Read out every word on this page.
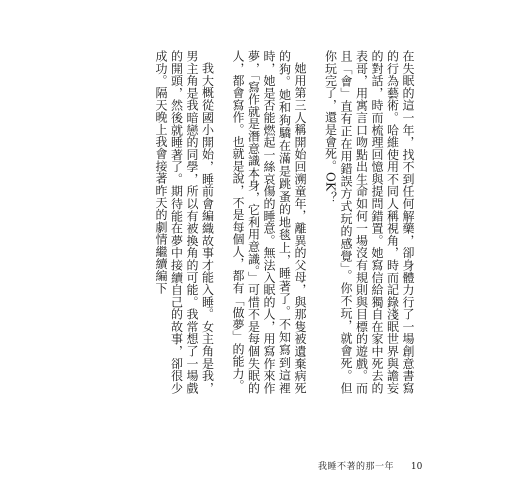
在失眠的這一年，找不到任何解藥，卻身體力行了一場創意書寫的行為藝術。哈維使用不同人稱視角，時而記錄淺眠世界與譫妄的對話，時而梳理回憶與提問錯置。她寫信給獨自在家中死去的表哥，用寓言口吻點出生命如何一場沒有規則與目標的遊戲。而且「會」直有正在用錯誤方式玩的感覺」。你不玩，就會死。但你玩完了，還是會死。OK？

她用第三人稱開始回溯童年，離異的父母，與那隻被遺棄病死的狗。她和狗驕在滿是跳蚤的地毯上，睡著了。不知寫到這裡時，她是否能燃起一絲哀傷的睡意。無法入眠的人，用寫作來作夢，「寫作就是潛意識本身，它利用意識。」可惜不是每個失眠的人，都會寫作。也就是說，不是每個人，都有「做夢」的能力。

我大概從國小開始，睡前會編織故事才能入睡。女主角是我，男主角是我暗戀的同學，所以有被換角的可能。我常想了一場戲的開頭，然後就睡著了。期待能在夢中接續自己的故事，卻很少成功。隔天晚上我會接著昨天的劇情繼續編下

我睡不著的那一年 10
